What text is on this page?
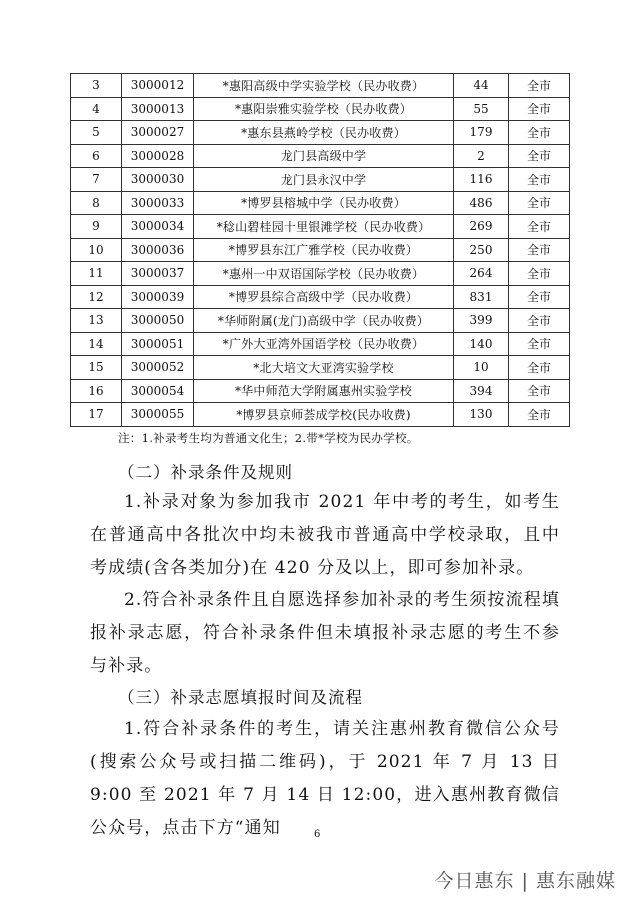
3	3000012	*惠阳高级中学实验学校（民办收费）	44	全市
4	3000013	*惠阳崇雅实验学校（民办收费）	55	全市
5	3000027	*惠东县燕岭学校（民办收费）	179	全市
6	3000028	龙门县高级中学	2	全市
7	3000030	龙门县永汉中学	116	全市
8	3000033	*博罗县榕城中学（民办收费）	486	全市
9	3000034	*稔山碧桂园十里银滩学校（民办收费）	269	全市
10	3000036	*博罗县东江广雅学校（民办收费）	250	全市
11	3000037	*惠州一中双语国际学校（民办收费）	264	全市
12	3000039	*博罗县综合高级中学（民办收费）	831	全市
13	3000050	*华师附属(龙门)高级中学（民办收费）	399	全市
14	3000051	*广外大亚湾外国语学校（民办收费）	140	全市
15	3000052	*北大培文大亚湾实验学校	10	全市
16	3000054	*华中师范大学附属惠州实验学校	394	全市
17	3000055	*博罗县京师荟成学校(民办收费)	130	全市
注：1.补录考生均为普通文化生；2.带*学校为民办学校。
（二）补录条件及规则
1.补录对象为参加我市 2021 年中考的考生，如考生在普通高中各批次中均未被我市普通高中学校录取，且中考成绩(含各类加分)在 420 分及以上，即可参加补录。
2.符合补录条件且自愿选择参加补录的考生须按流程填报补录志愿，符合补录条件但未填报补录志愿的考生不参与补录。
（三）补录志愿填报时间及流程
1.符合补录条件的考生，请关注惠州教育微信公众号(搜索公众号或扫描二维码)，于 2021 年 7 月 13 日 9:00 至 2021 年 7 月 14 日 12:00，进入惠州教育微信公众号，点击下方“通知	6
今日惠东 | 惠东融媒
